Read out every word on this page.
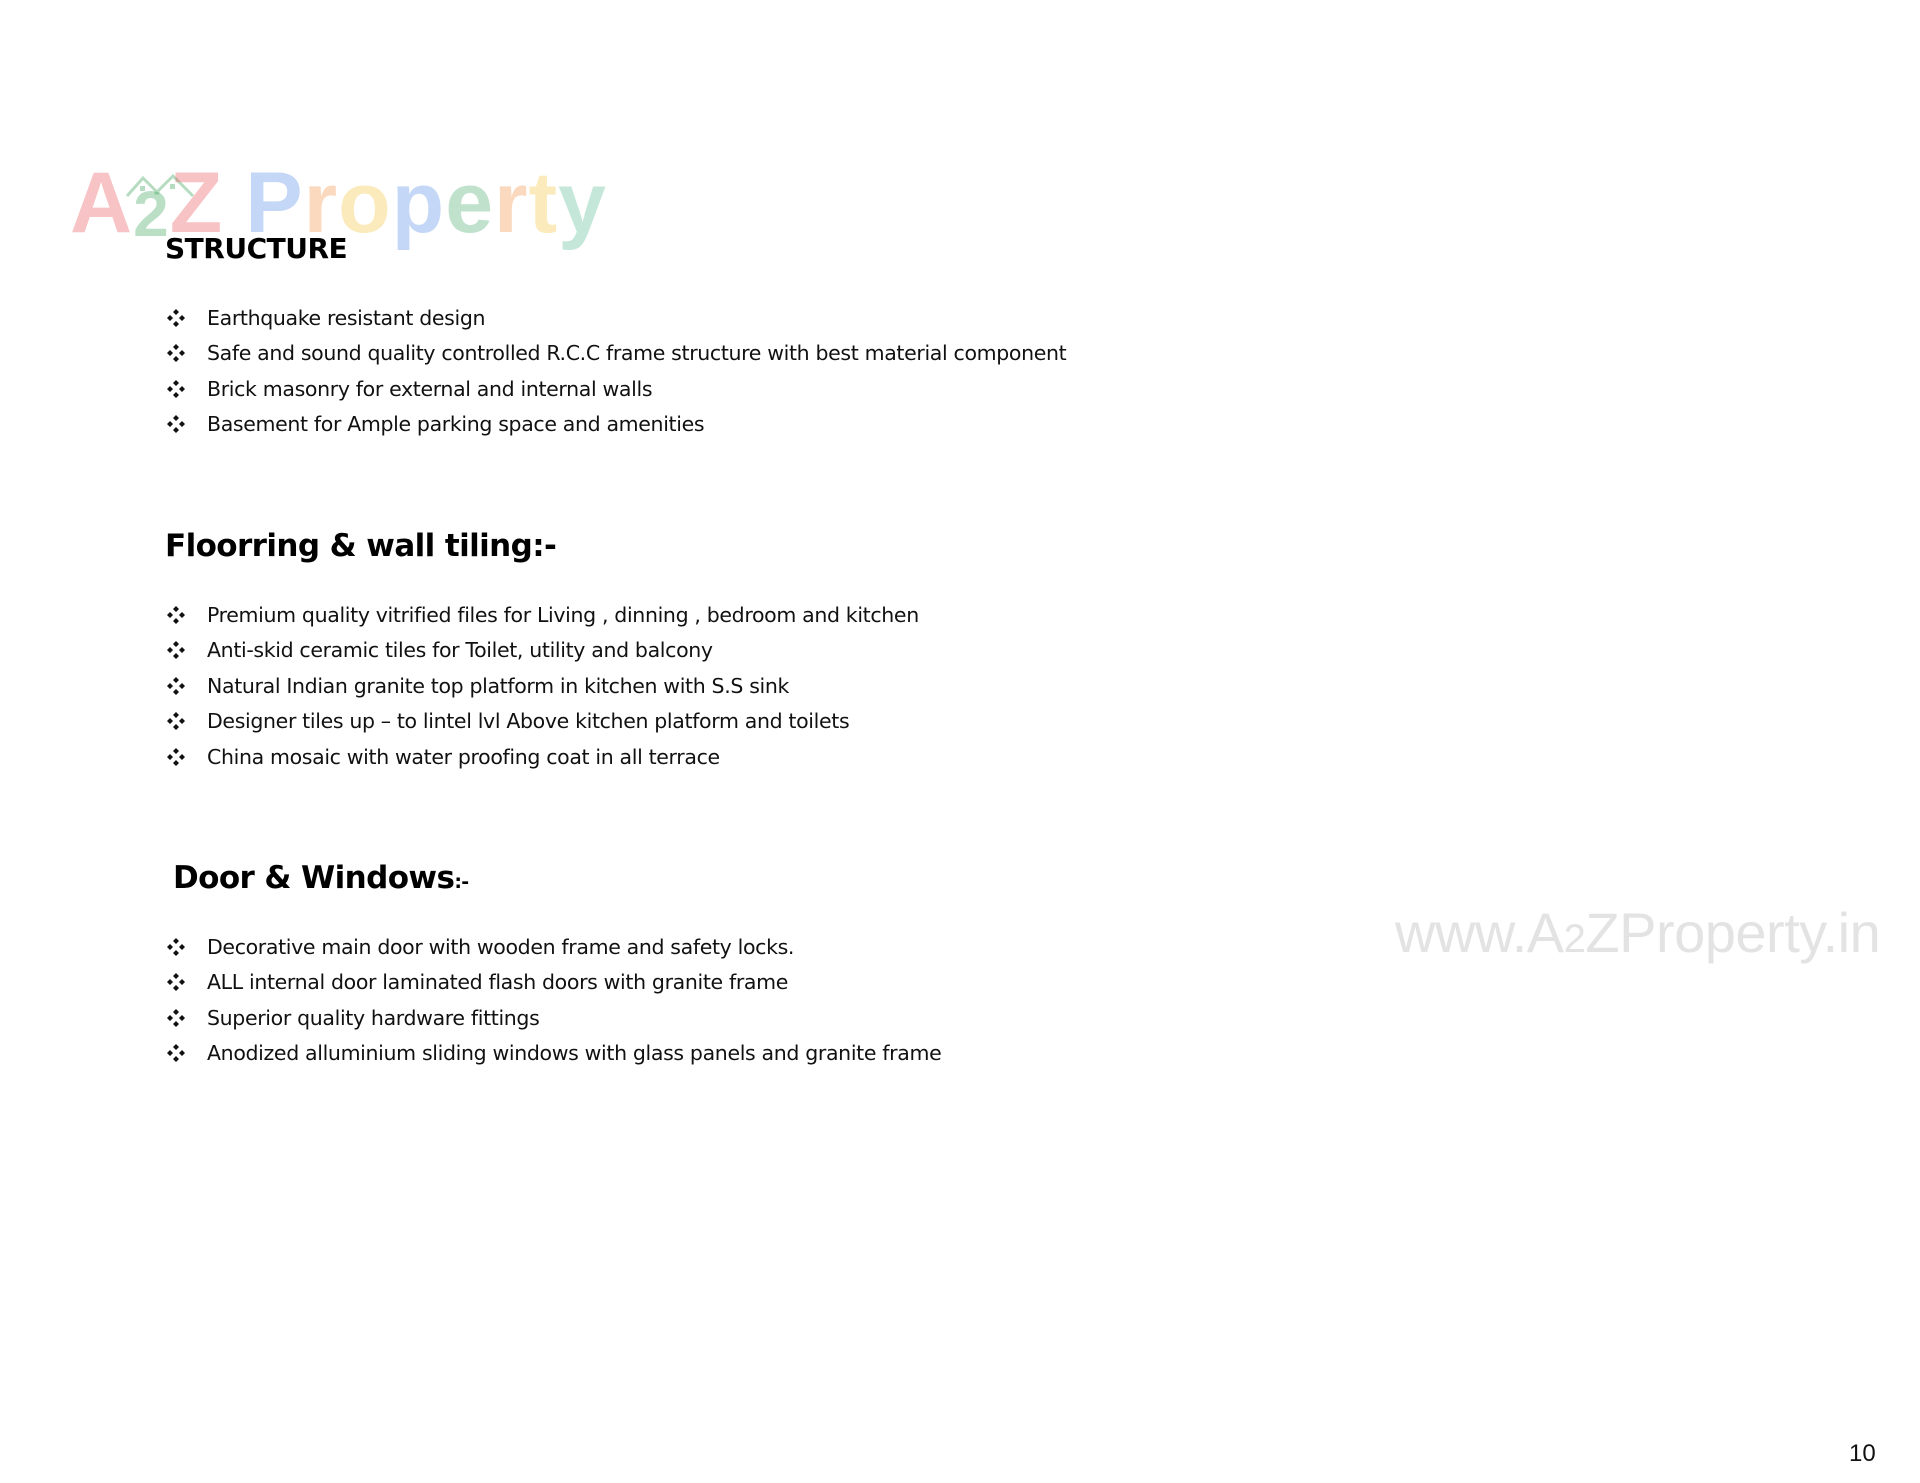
A2Z Property
STRUCTURE
Earthquake resistant design
Safe and sound quality controlled R.C.C frame structure with best material component
Brick masonry for external and internal walls
Basement for Ample parking space and amenities
Floorring & wall tiling:-
Premium quality vitrified files for Living , dinning , bedroom and kitchen
Anti-skid ceramic tiles for Toilet, utility and balcony
Natural Indian granite top platform in kitchen with S.S sink
Designer tiles up – to lintel lvl Above kitchen platform and toilets
China mosaic with water proofing coat in all terrace
Door & Windows:-
Decorative main door with wooden frame and safety locks.
ALL internal door laminated flash doors with granite frame
Superior quality hardware fittings
Anodized alluminium sliding windows with glass panels and granite frame
www.A2ZProperty.in
10
